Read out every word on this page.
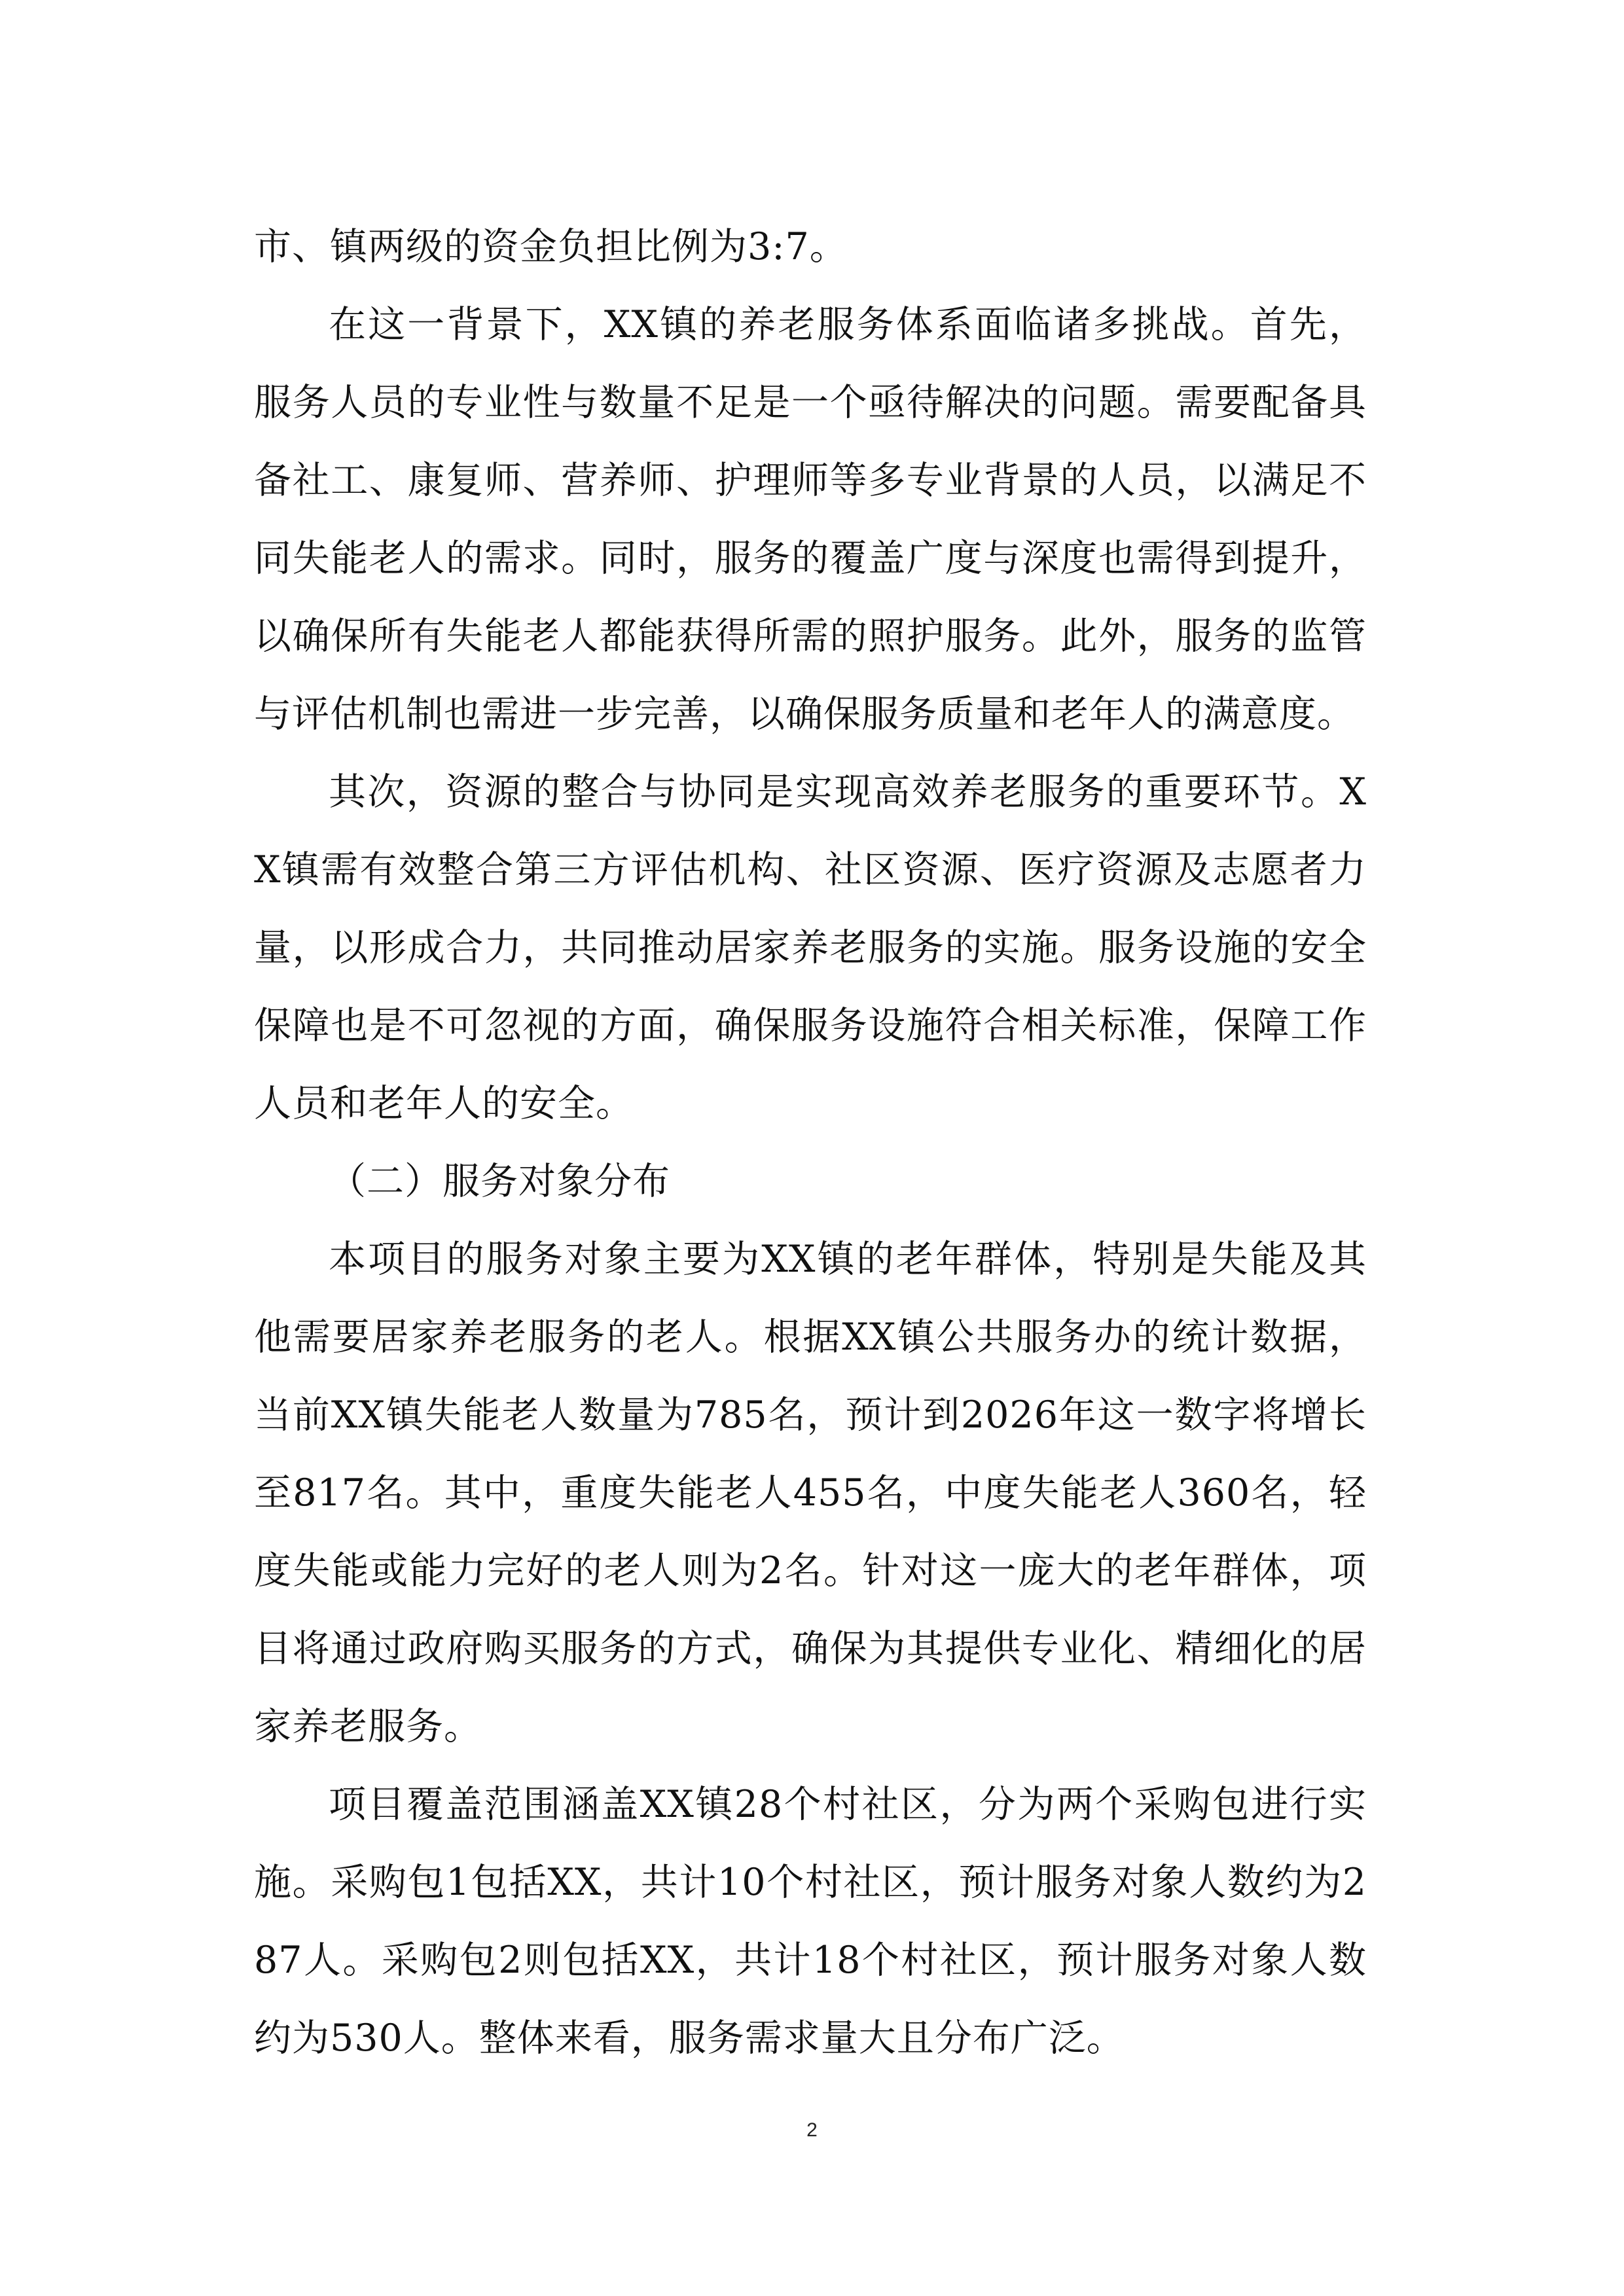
市、镇两级的资金负担比例为3:7。

在这一背景下，XX镇的养老服务体系面临诸多挑战。首先，服务人员的专业性与数量不足是一个亟待解决的问题。需要配备具备社工、康复师、营养师、护理师等多专业背景的人员，以满足不同失能老人的需求。同时，服务的覆盖广度与深度也需得到提升，以确保所有失能老人都能获得所需的照护服务。此外，服务的监管与评估机制也需进一步完善，以确保服务质量和老年人的满意度。

其次，资源的整合与协同是实现高效养老服务的重要环节。XX镇需有效整合第三方评估机构、社区资源、医疗资源及志愿者力量，以形成合力，共同推动居家养老服务的实施。服务设施的安全保障也是不可忽视的方面，确保服务设施符合相关标准，保障工作人员和老年人的安全。

（二）服务对象分布

本项目的服务对象主要为XX镇的老年群体，特别是失能及其他需要居家养老服务的老人。根据XX镇公共服务办的统计数据，当前XX镇失能老人数量为785名，预计到2026年这一数字将增长至817名。其中，重度失能老人455名，中度失能老人360名，轻度失能或能力完好的老人则为2名。针对这一庞大的老年群体，项目将通过政府购买服务的方式，确保为其提供专业化、精细化的居家养老服务。

项目覆盖范围涵盖XX镇28个村社区，分为两个采购包进行实施。采购包1包括XX，共计10个村社区，预计服务对象人数约为287人。采购包2则包括XX，共计18个村社区，预计服务对象人数约为530人。整体来看，服务需求量大且分布广泛。

2
